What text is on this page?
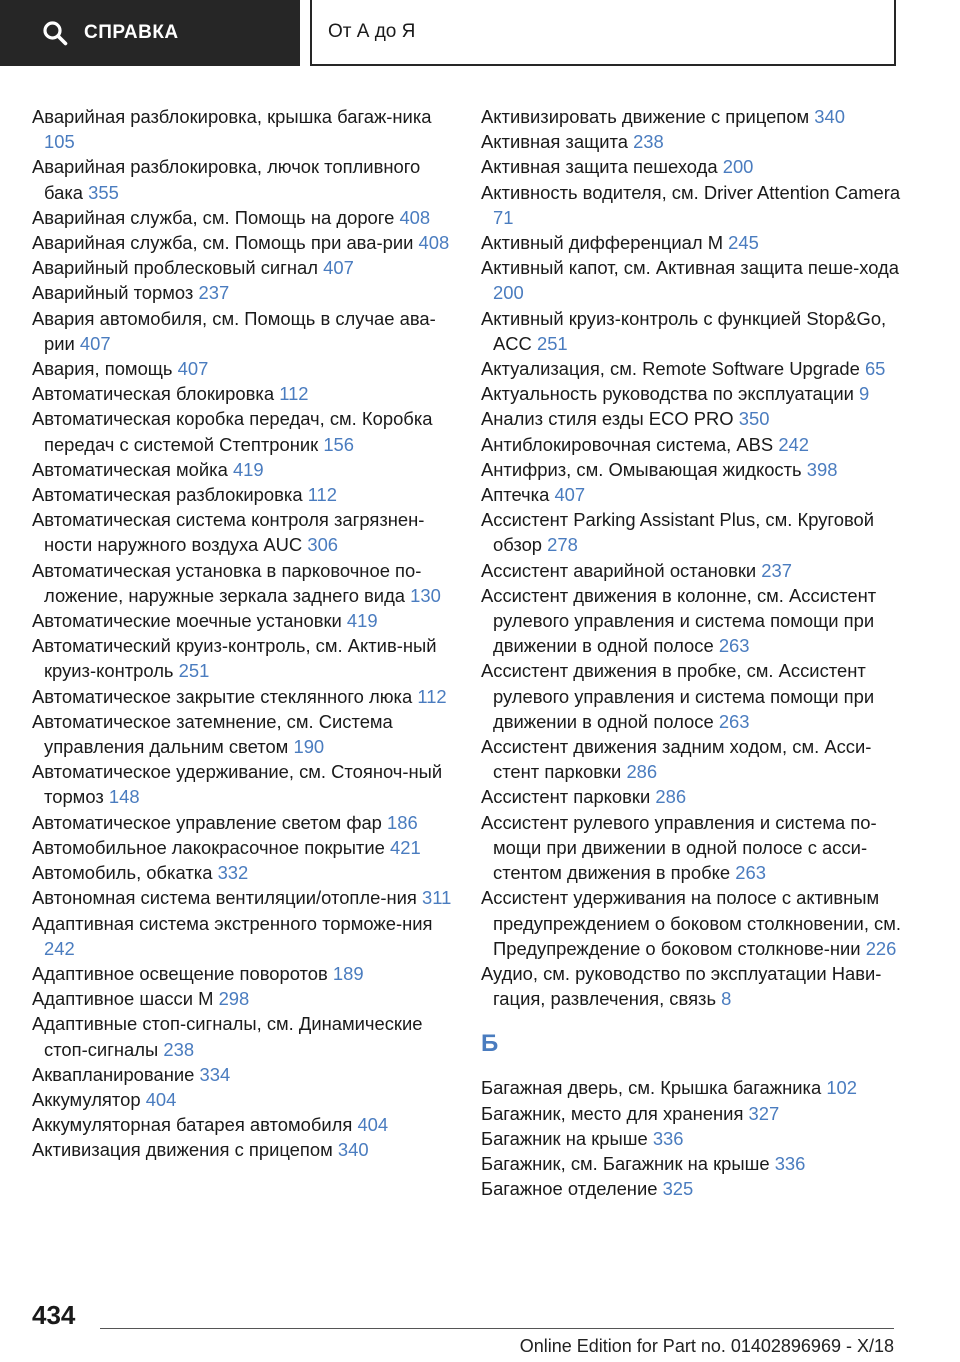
СПРАВКА	От А до Я
Аварийная разблокировка, крышка багаж-ника 105
Аварийная разблокировка, лючок топливного бака 355
Аварийная служба, см. Помощь на дороге 408
Аварийная служба, см. Помощь при ава-рии 408
Аварийный проблесковый сигнал 407
Аварийный тормоз 237
Авария автомобиля, см. Помощь в случае ава-рии 407
Авария, помощь 407
Автоматическая блокировка 112
Автоматическая коробка передач, см. Коробка передач с системой Стептроник 156
Автоматическая мойка 419
Автоматическая разблокировка 112
Автоматическая система контроля загрязнен-ности наружного воздуха AUC 306
Автоматическая установка в парковочное по-ложение, наружные зеркала заднего вида 130
Автоматические моечные установки 419
Автоматический круиз-контроль, см. Актив-ный круиз-контроль 251
Автоматическое закрытие стеклянного люка 112
Автоматическое затемнение, см. Система управления дальним светом 190
Автоматическое удерживание, см. Стояноч-ный тормоз 148
Автоматическое управление светом фар 186
Автомобильное лакокрасочное покрытие 421
Автомобиль, обкатка 332
Автономная система вентиляции/отопле-ния 311
Адаптивная система экстренного торможе-ния 242
Адаптивное освещение поворотов 189
Адаптивное шасси M 298
Адаптивные стоп-сигналы, см. Динамические стоп-сигналы 238
Аквапланирование 334
Аккумулятор 404
Аккумуляторная батарея автомобиля 404
Активизация движения с прицепом 340
Активизировать движение с прицепом 340
Активная защита 238
Активная защита пешехода 200
Активность водителя, см. Driver Attention Camera 71
Активный дифференциал M 245
Активный капот, см. Активная защита пеше-хода 200
Активный круиз-контроль с функцией Stop&Go, ACC 251
Актуализация, см. Remote Software Upgrade 65
Актуальность руководства по эксплуатации 9
Анализ стиля езды ECO PRO 350
Антиблокировочная система, ABS 242
Антифриз, см. Омывающая жидкость 398
Аптечка 407
Ассистент Parking Assistant Plus, см. Круговой обзор 278
Ассистент аварийной остановки 237
Ассистент движения в колонне, см. Ассистент рулевого управления и система помощи при движении в одной полосе 263
Ассистент движения в пробке, см. Ассистент рулевого управления и система помощи при движении в одной полосе 263
Ассистент движения задним ходом, см. Асси-стент парковки 286
Ассистент парковки 286
Ассистент рулевого управления и система по-мощи при движении в одной полосе с асси-стентом движения в пробке 263
Ассистент удерживания на полосе с активным предупреждением о боковом столкновении, см. Предупреждение о боковом столкнове-нии 226
Аудио, см. руководство по эксплуатации Нави-гация, развлечения, связь 8
Б
Багажная дверь, см. Крышка багажника 102
Багажник, место для хранения 327
Багажник на крыше 336
Багажник, см. Багажник на крыше 336
Багажное отделение 325
434
Online Edition for Part no. 01402896969 - X/18
